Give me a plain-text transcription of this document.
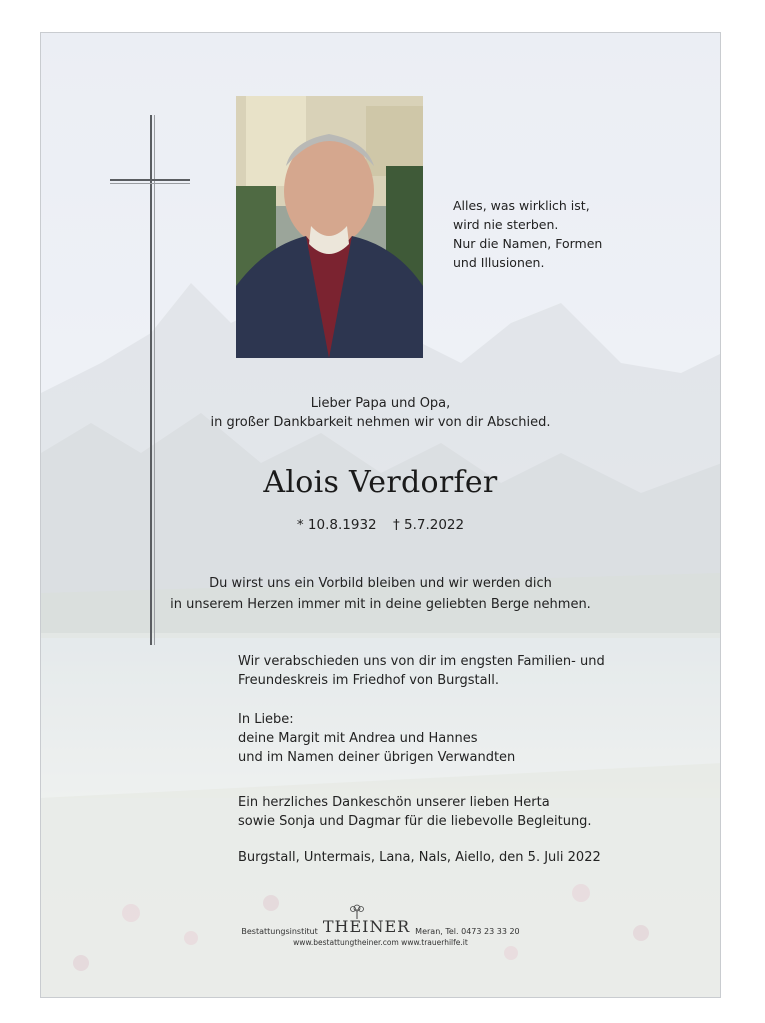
Alles, was wirklich ist,
wird nie sterben.
Nur die Namen, Formen
und Illusionen.
Lieber Papa und Opa,
in großer Dankbarkeit nehmen wir von dir Abschied.
Alois Verdorfer
* 10.8.1932 † 5.7.2022
Du wirst uns ein Vorbild bleiben und wir werden dich
in unserem Herzen immer mit in deine geliebten Berge nehmen.
Wir verabschieden uns von dir im engsten Familien- und
Freundeskreis im Friedhof von Burgstall.
In Liebe:
deine Margit mit Andrea und Hannes
und im Namen deiner übrigen Verwandten
Ein herzliches Dankeschön unserer lieben Herta
sowie Sonja und Dagmar für die liebevolle Begleitung.
Burgstall, Untermais, Lana, Nals, Aiello, den 5. Juli 2022
Bestattungsinstitut THEINER Meran, Tel. 0473 23 33 20
www.bestattungtheiner.com www.trauerhilfe.it
